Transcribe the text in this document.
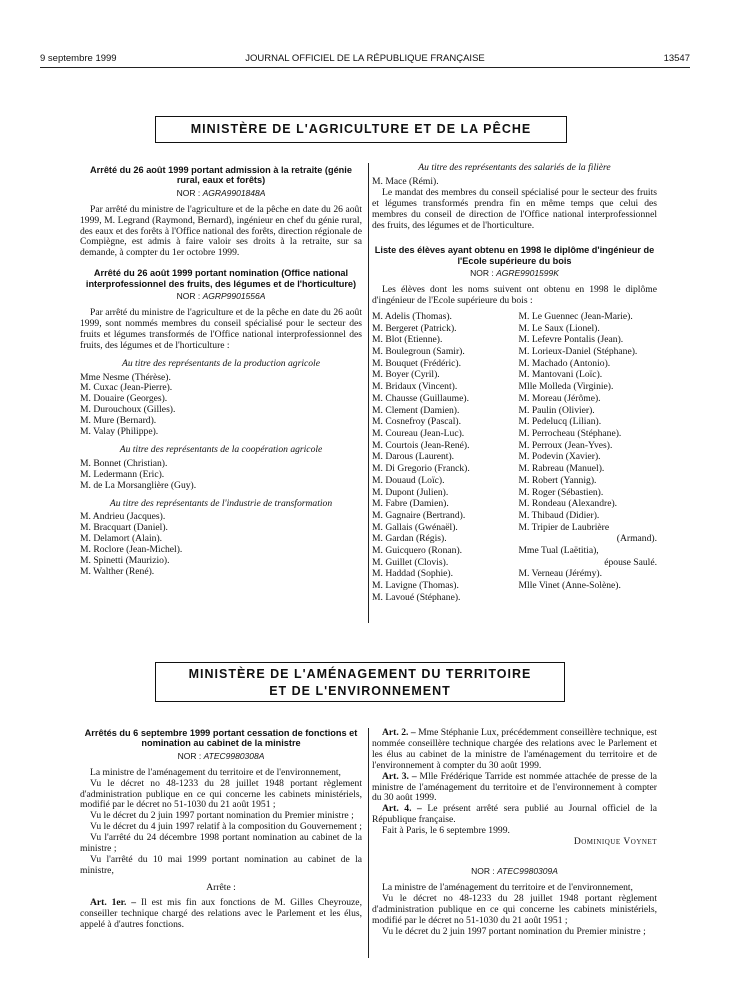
9 septembre 1999	JOURNAL OFFICIEL DE LA RÉPUBLIQUE FRANÇAISE	13547
MINISTÈRE DE L'AGRICULTURE ET DE LA PÊCHE
Arrêté du 26 août 1999 portant admission à la retraite (génie rural, eaux et forêts)
NOR : AGRA9901848A

Par arrêté du ministre de l'agriculture et de la pêche en date du 26 août 1999, M. Legrand (Raymond, Bernard), ingénieur en chef du génie rural, des eaux et des forêts à l'Office national des forêts, direction régionale de Compiègne, est admis à faire valoir ses droits à la retraite, sur sa demande, à compter du 1er octobre 1999.

Arrêté du 26 août 1999 portant nomination (Office national interprofessionnel des fruits, des légumes et de l'horticulture)
NOR : AGRP9901556A

Par arrêté du ministre de l'agriculture et de la pêche en date du 26 août 1999, sont nommés membres du conseil spécialisé pour le secteur des fruits et légumes transformés de l'Office national interprofessionnel des fruits, des légumes et de l'horticulture :

Au titre des représentants de la production agricole
Mme Nesme (Thérèse).
M. Cuxac (Jean-Pierre).
M. Douaire (Georges).
M. Durouchoux (Gilles).
M. Mure (Bernard).
M. Valay (Philippe).
Au titre des représentants de la coopération agricole
M. Bonnet (Christian).
M. Ledermann (Eric).
M. de La Morsanglière (Guy).
Au titre des représentants de l'industrie de transformation
M. Andrieu (Jacques).
M. Bracquart (Daniel).
M. Delamort (Alain).
M. Roclore (Jean-Michel).
M. Spinetti (Maurizio).
M. Walther (René).
Au titre des représentants des salariés de la filière
M. Mace (Rémi).

Le mandat des membres du conseil spécialisé pour le secteur des fruits et légumes transformés prendra fin en même temps que celui des membres du conseil de direction de l'Office national interprofessionnel des fruits, des légumes et de l'horticulture.

Liste des élèves ayant obtenu en 1998 le diplôme d'ingénieur de l'Ecole supérieure du bois
NOR : AGRE9901599K

Les élèves dont les noms suivent ont obtenu en 1998 le diplôme d'ingénieur de l'Ecole supérieure du bois :

M. Adelis (Thomas).
M. Bergeret (Patrick).
M. Blot (Etienne).
M. Boulegroun (Samir).
M. Bouquet (Frédéric).
M. Boyer (Cyril).
M. Bridaux (Vincent).
M. Chausse (Guillaume).
M. Clement (Damien).
M. Cosnefroy (Pascal).
M. Coureau (Jean-Luc).
M. Courtois (Jean-René).
M. Darous (Laurent).
M. Di Gregorio (Franck).
M. Douaud (Loïc).
M. Dupont (Julien).
M. Fabre (Damien).
M. Gagnaire (Bertrand).
M. Gallais (Gwénaël).
M. Gardan (Régis).
M. Guicquero (Ronan).
M. Guillet (Clovis).
M. Haddad (Sophie).
M. Lavigne (Thomas).
M. Lavoué (Stéphane).
M. Le Guennec (Jean-Marie).
M. Le Saux (Lionel).
M. Lefevre Pontalis (Jean).
M. Lorieux-Daniel (Stéphane).
M. Machado (Antonio).
M. Mantovani (Loïc).
Mlle Molleda (Virginie).
M. Moreau (Jérôme).
M. Paulin (Olivier).
M. Pedelucq (Lilian).
M. Perrocheau (Stéphane).
M. Perroux (Jean-Yves).
M. Podevin (Xavier).
M. Rabreau (Manuel).
M. Robert (Yannig).
M. Roger (Sébastien).
M. Rondeau (Alexandre).
M. Thibaud (Didier).
M. Tripier de Laubrière
(Armand).
Mme Tual (Laëtitia),
épouse Saulé.
M. Verneau (Jérémy).
Mlle Vinet (Anne-Solène).
MINISTÈRE DE L'AMÉNAGEMENT DU TERRITOIRE
ET DE L'ENVIRONNEMENT
Arrêtés du 6 septembre 1999 portant cessation de fonctions et nomination au cabinet de la ministre
NOR : ATEC9980308A

La ministre de l'aménagement du territoire et de l'environnement,

Vu le décret no 48-1233 du 28 juillet 1948 portant règlement d'administration publique en ce qui concerne les cabinets ministériels, modifié par le décret no 51-1030 du 21 août 1951 ;

Vu le décret du 2 juin 1997 portant nomination du Premier ministre ;

Vu le décret du 4 juin 1997 relatif à la composition du Gouvernement ;

Vu l'arrêté du 24 décembre 1998 portant nomination au cabinet de la ministre ;

Vu l'arrêté du 10 mai 1999 portant nomination au cabinet de la ministre,

Arrête :

Art. 1er. – Il est mis fin aux fonctions de M. Gilles Cheyrouze, conseiller technique chargé des relations avec le Parlement et les élus, appelé à d'autres fonctions.

Art. 2. – Mme Stéphanie Lux, précédemment conseillère technique, est nommée conseillère technique chargée des relations avec le Parlement et les élus au cabinet de la ministre de l'aménagement du territoire et de l'environnement à compter du 30 août 1999.

Art. 3. – Mlle Frédérique Tarride est nommée attachée de presse de la ministre de l'aménagement du territoire et de l'environnement à compter du 30 août 1999.

Art. 4. – Le présent arrêté sera publié au Journal officiel de la République française.

Fait à Paris, le 6 septembre 1999.

Dominique Voynet
NOR : ATEC9980309A

La ministre de l'aménagement du territoire et de l'environnement,

Vu le décret no 48-1233 du 28 juillet 1948 portant règlement d'administration publique en ce qui concerne les cabinets ministériels, modifié par le décret no 51-1030 du 21 août 1951 ;

Vu le décret du 2 juin 1997 portant nomination du Premier ministre ;
